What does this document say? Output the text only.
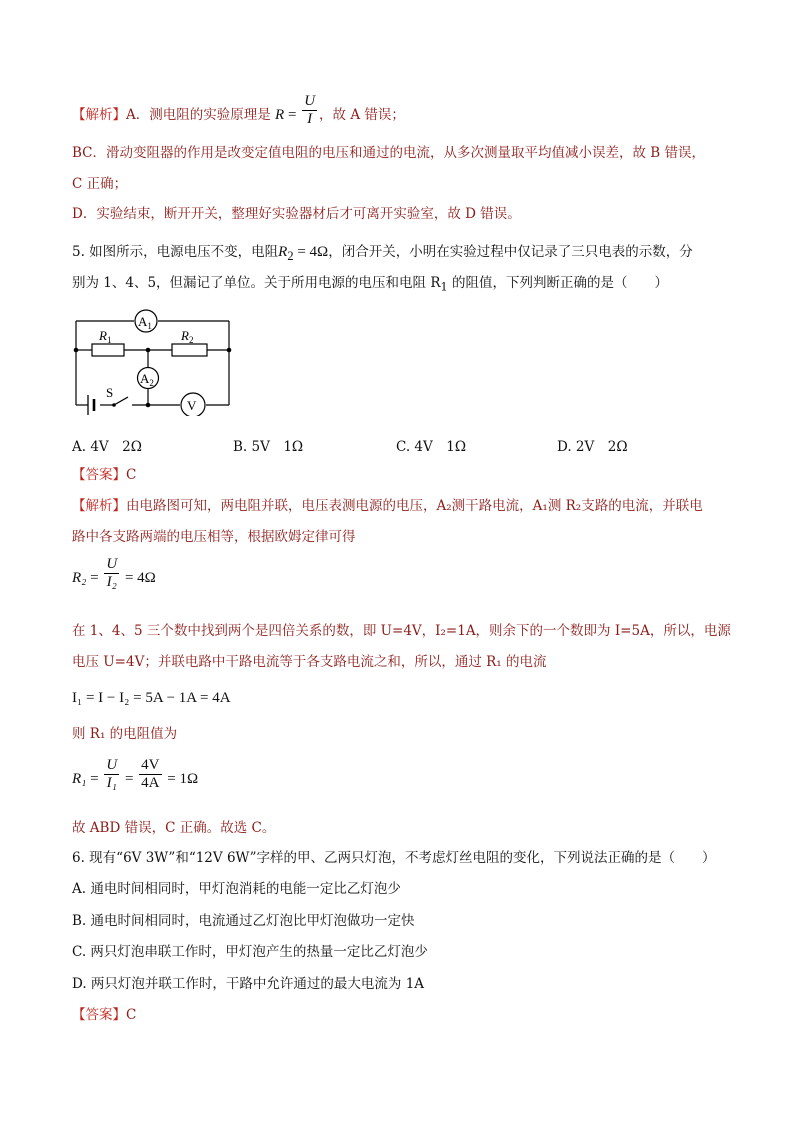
【解析】A．测电阻的实验原理是 $R = \frac{U}{I}$ ，故 A 错误；
BC．滑动变阻器的作用是改变定值电阻的电压和通过的电流，从多次测量取平均值减小误差，故 B 错误，
C 正确；
D．实验结束，断开开关，整理好实验器材后才可离开实验室，故 D 错误。
5. 如图所示，电源电压不变，电阻$R_2 = 4\Omega$，闭合开关，小明在实验过程中仅记录了三只电表的示数，分
别为 1、4、5，但漏记了单位。关于所用电源的电压和电阻 $R_1$ 的阻值，下列判断正确的是（　　）
$A_1$
$A_2$
V
$R_1$	$R_2$
S
A. 4V　2Ω	B. 5V　1Ω	C. 4V　1Ω	D. 2V　2Ω
【答案】C
【解析】由电路图可知，两电阻并联，电压表测电源的电压，A₂测干路电流，A₁测 R₂支路的电流，并联电
路中各支路两端的电压相等，根据欧姆定律可得
$R_2 = \frac{U}{\text{I₂}} = 4\Omega$
在 1、4、5 三个数中找到两个是四倍关系的数，即 U=4V，I₂=1A，则余下的一个数即为 I=5A，所以，电源
电压 U=4V；并联电路中干路电流等于各支路电流之和，所以，通过 R₁ 的电流
I₁ = I − I₂ = 5A − 1A = 4A
则 R₁ 的电阻值为
$R_1 = \frac{U}{\text{I₁}} = \frac{4V}{4A} = 1\Omega$
故 ABD 错误，C 正确。故选 C。
6. 现有“6V 3W”和“12V 6W”字样的甲、乙两只灯泡，不考虑灯丝电阻的变化，下列说法正确的是（　　）
A. 通电时间相同时，甲灯泡消耗的电能一定比乙灯泡少
B. 通电时间相同时，电流通过乙灯泡比甲灯泡做功一定快
C. 两只灯泡串联工作时，甲灯泡产生的热量一定比乙灯泡少
D. 两只灯泡并联工作时，干路中允许通过的最大电流为 1A
【答案】C
